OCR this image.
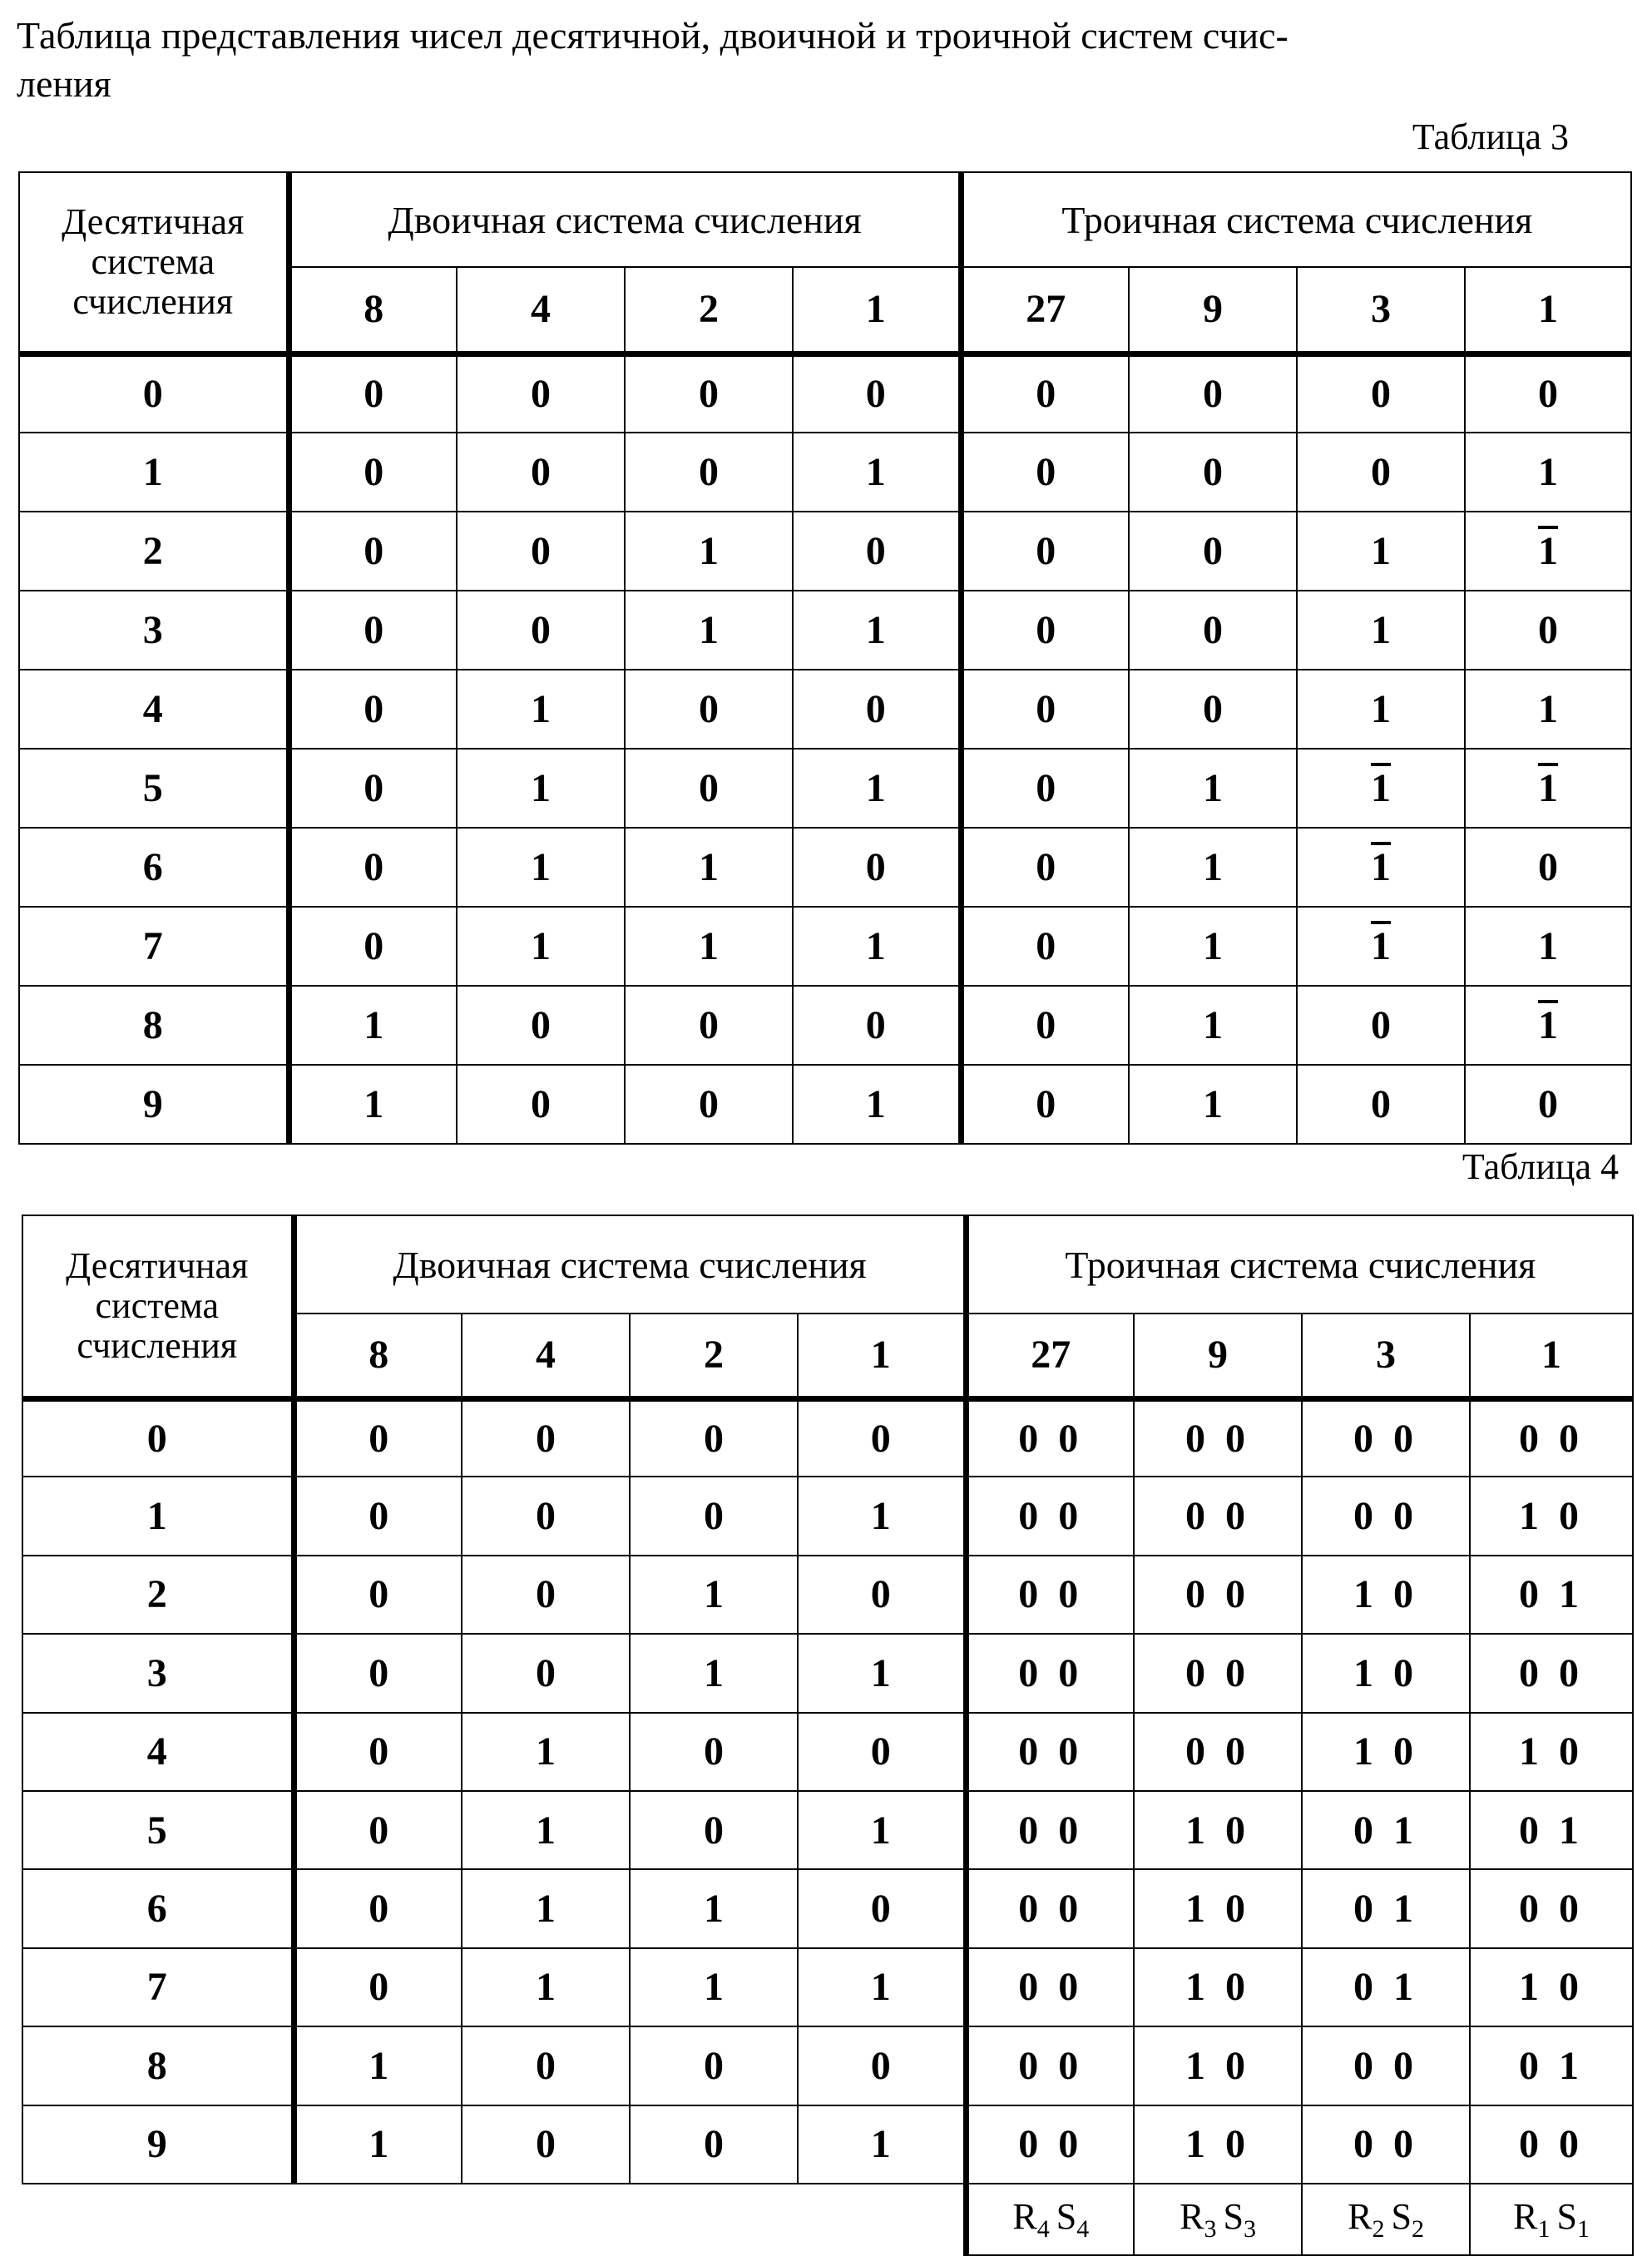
Таблица представления чисел десятичной, двоичной и троичной систем счис-
ления
Таблица 3
Десятичная система счисления	Двоичная система счисления				Троичная система счисления			
	8	4	2	1	27	9	3	1
0	0	0	0	0	0	0	0	0
1	0	0	0	1	0	0	0	1
2	0	0	1	0	0	0	1	1
3	0	0	1	1	0	0	1	0
4	0	1	0	0	0	0	1	1
5	0	1	0	1	0	1	1	1
6	0	1	1	0	0	1	1	0
7	0	1	1	1	0	1	1	1
8	1	0	0	0	0	1	0	1
9	1	0	0	1	0	1	0	0
Таблица 4
Десятичная система счисления	Двоичная система счисления				Троичная система счисления			
	8	4	2	1	27	9	3	1
0	0	0	0	0	0 0	0 0	0 0	0 0
1	0	0	0	1	0 0	0 0	0 0	1 0
2	0	0	1	0	0 0	0 0	1 0	0 1
3	0	0	1	1	0 0	0 0	1 0	0 0
4	0	1	0	0	0 0	0 0	1 0	1 0
5	0	1	0	1	0 0	1 0	0 1	0 1
6	0	1	1	0	0 0	1 0	0 1	0 0
7	0	1	1	1	0 0	1 0	0 1	1 0
8	1	0	0	0	0 0	1 0	0 0	0 1
9	1	0	0	1	0 0	1 0	0 0	0 0
					$R_4$ $S_4$	$R_3$ $S_3$	$R_2$ $S_2$	$R_1$ $S_1$
